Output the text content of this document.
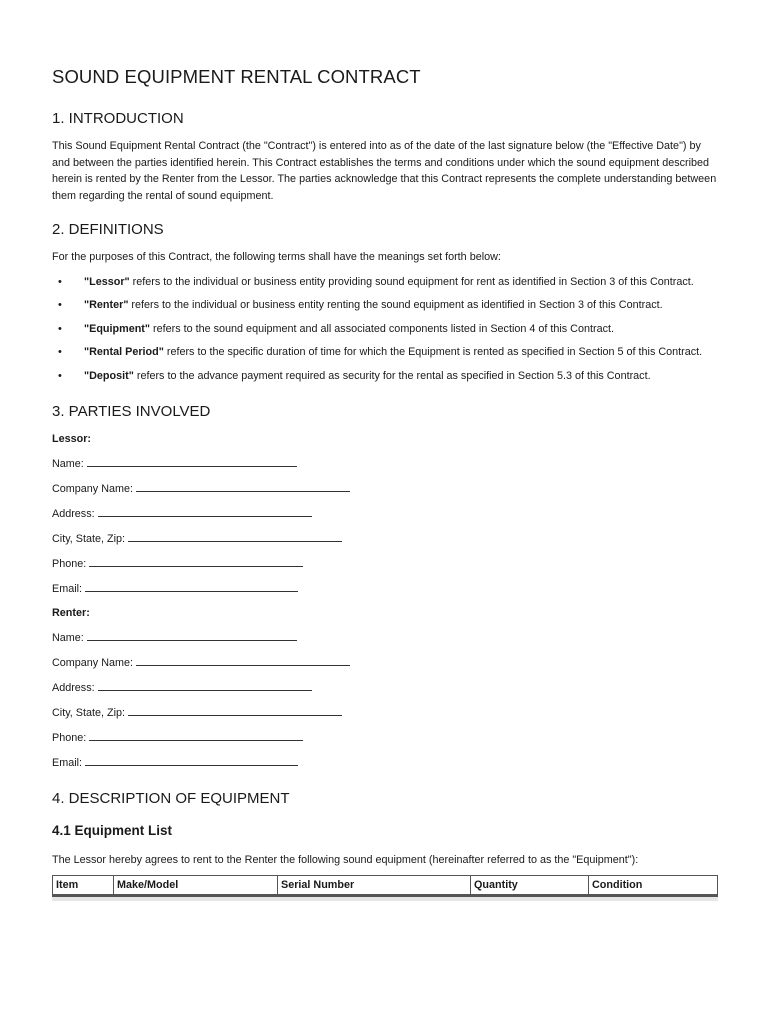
SOUND EQUIPMENT RENTAL CONTRACT
1. INTRODUCTION

This Sound Equipment Rental Contract (the "Contract") is entered into as of the date of the last signature below (the "Effective Date") by and between the parties identified herein. This Contract establishes the terms and conditions under which the sound equipment described herein is rented by the Renter from the Lessor. The parties acknowledge that this Contract represents the complete understanding between them regarding the rental of sound equipment.

2. DEFINITIONS

For the purposes of this Contract, the following terms shall have the meanings set forth below:

• "Lessor" refers to the individual or business entity providing sound equipment for rent as identified in Section 3 of this Contract.
• "Renter" refers to the individual or business entity renting the sound equipment as identified in Section 3 of this Contract.
• "Equipment" refers to the sound equipment and all associated components listed in Section 4 of this Contract.
• "Rental Period" refers to the specific duration of time for which the Equipment is rented as specified in Section 5 of this Contract.
• "Deposit" refers to the advance payment required as security for the rental as specified in Section 5.3 of this Contract.
3. PARTIES INVOLVED
Lessor:
Name:
Company Name:
Address:
City, State, Zip:
Phone:
Email:
Renter:
Name:
Company Name:
Address:
City, State, Zip:
Phone:
Email:
4. DESCRIPTION OF EQUIPMENT
4.1 Equipment List

The Lessor hereby agrees to rent to the Renter the following sound equipment (hereinafter referred to as the "Equipment"):

Item	Make/Model	Serial Number	Quantity	Condition
